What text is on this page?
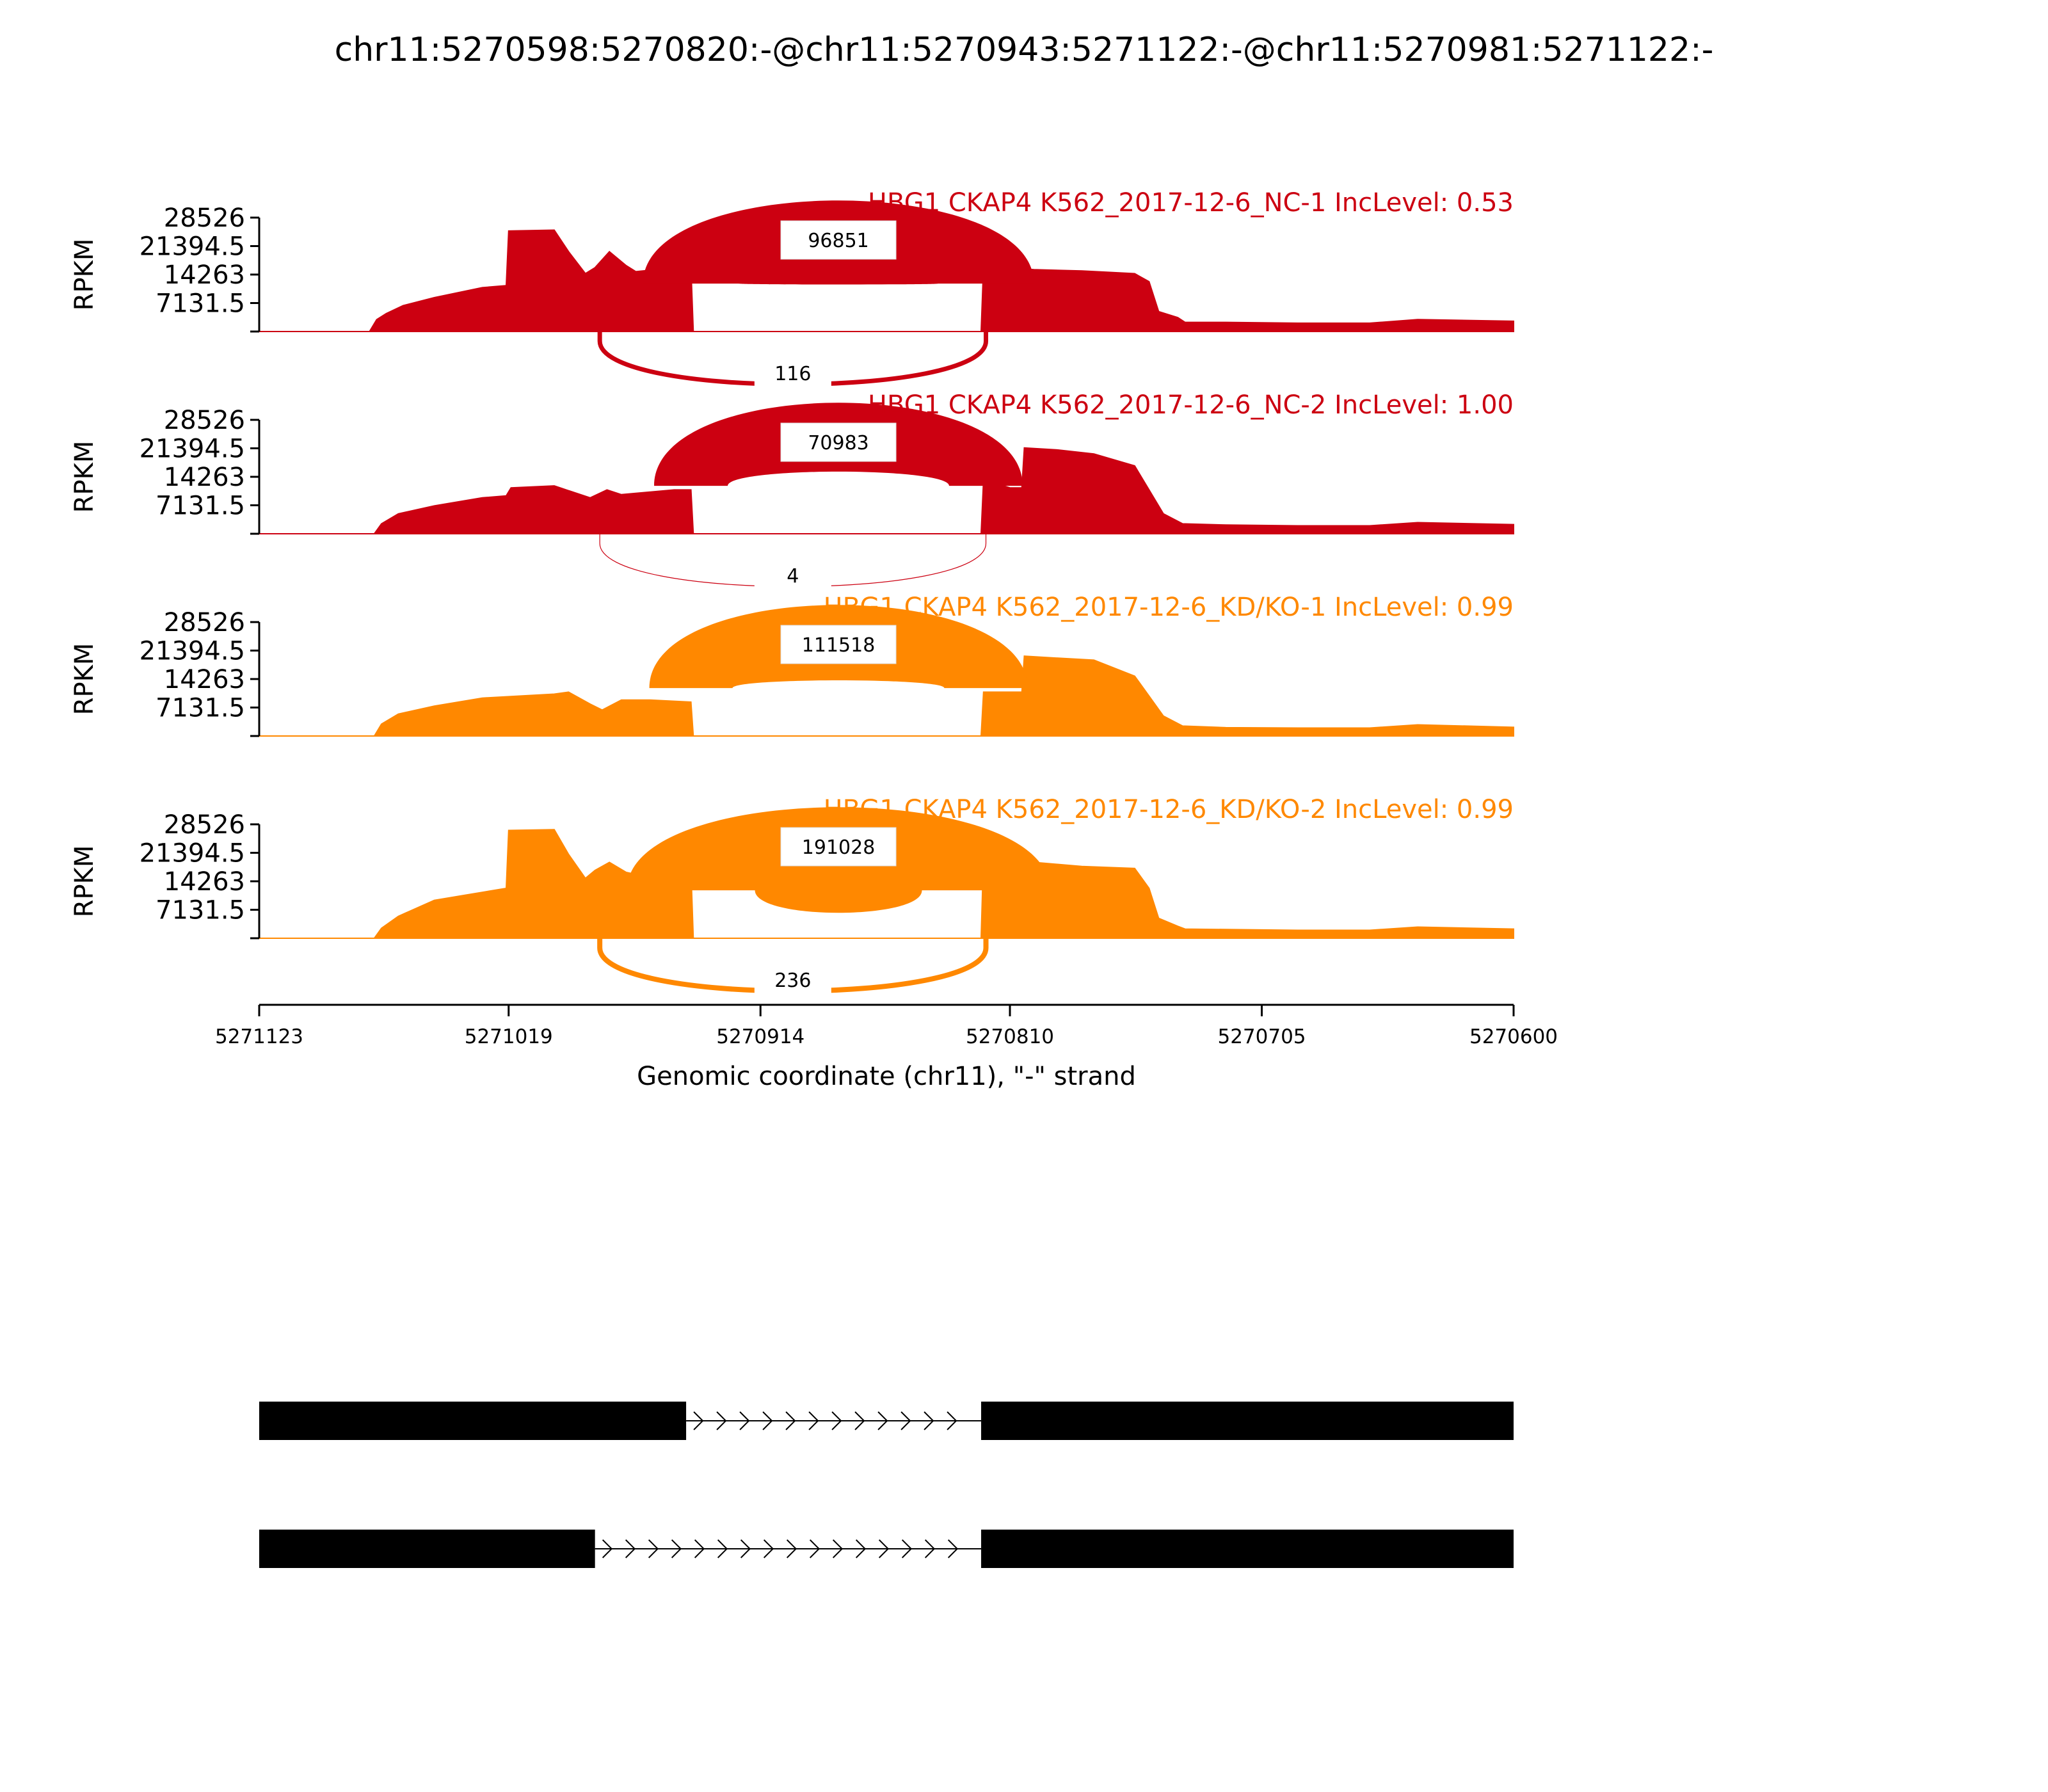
chr11:5270598:5270820:-@chr11:5270943:5271122:-@chr11:5270981:5271122:-
96851
116
HBG1 CKAP4 K562_2017-12-6_NC-1 IncLevel: 0.53
28526
21394.5
14263
7131.5
RPKM
70983
4
HBG1 CKAP4 K562_2017-12-6_NC-2 IncLevel: 1.00
28526
21394.5
14263
7131.5
RPKM
111518
HBG1 CKAP4 K562_2017-12-6_KD/KO-1 IncLevel: 0.99
28526
21394.5
14263
7131.5
RPKM
191028
236
HBG1 CKAP4 K562_2017-12-6_KD/KO-2 IncLevel: 0.99
28526
21394.5
14263
7131.5
RPKM
5271123	5271019	5270914	5270810	5270705	5270600
Genomic coordinate (chr11), "-" strand
